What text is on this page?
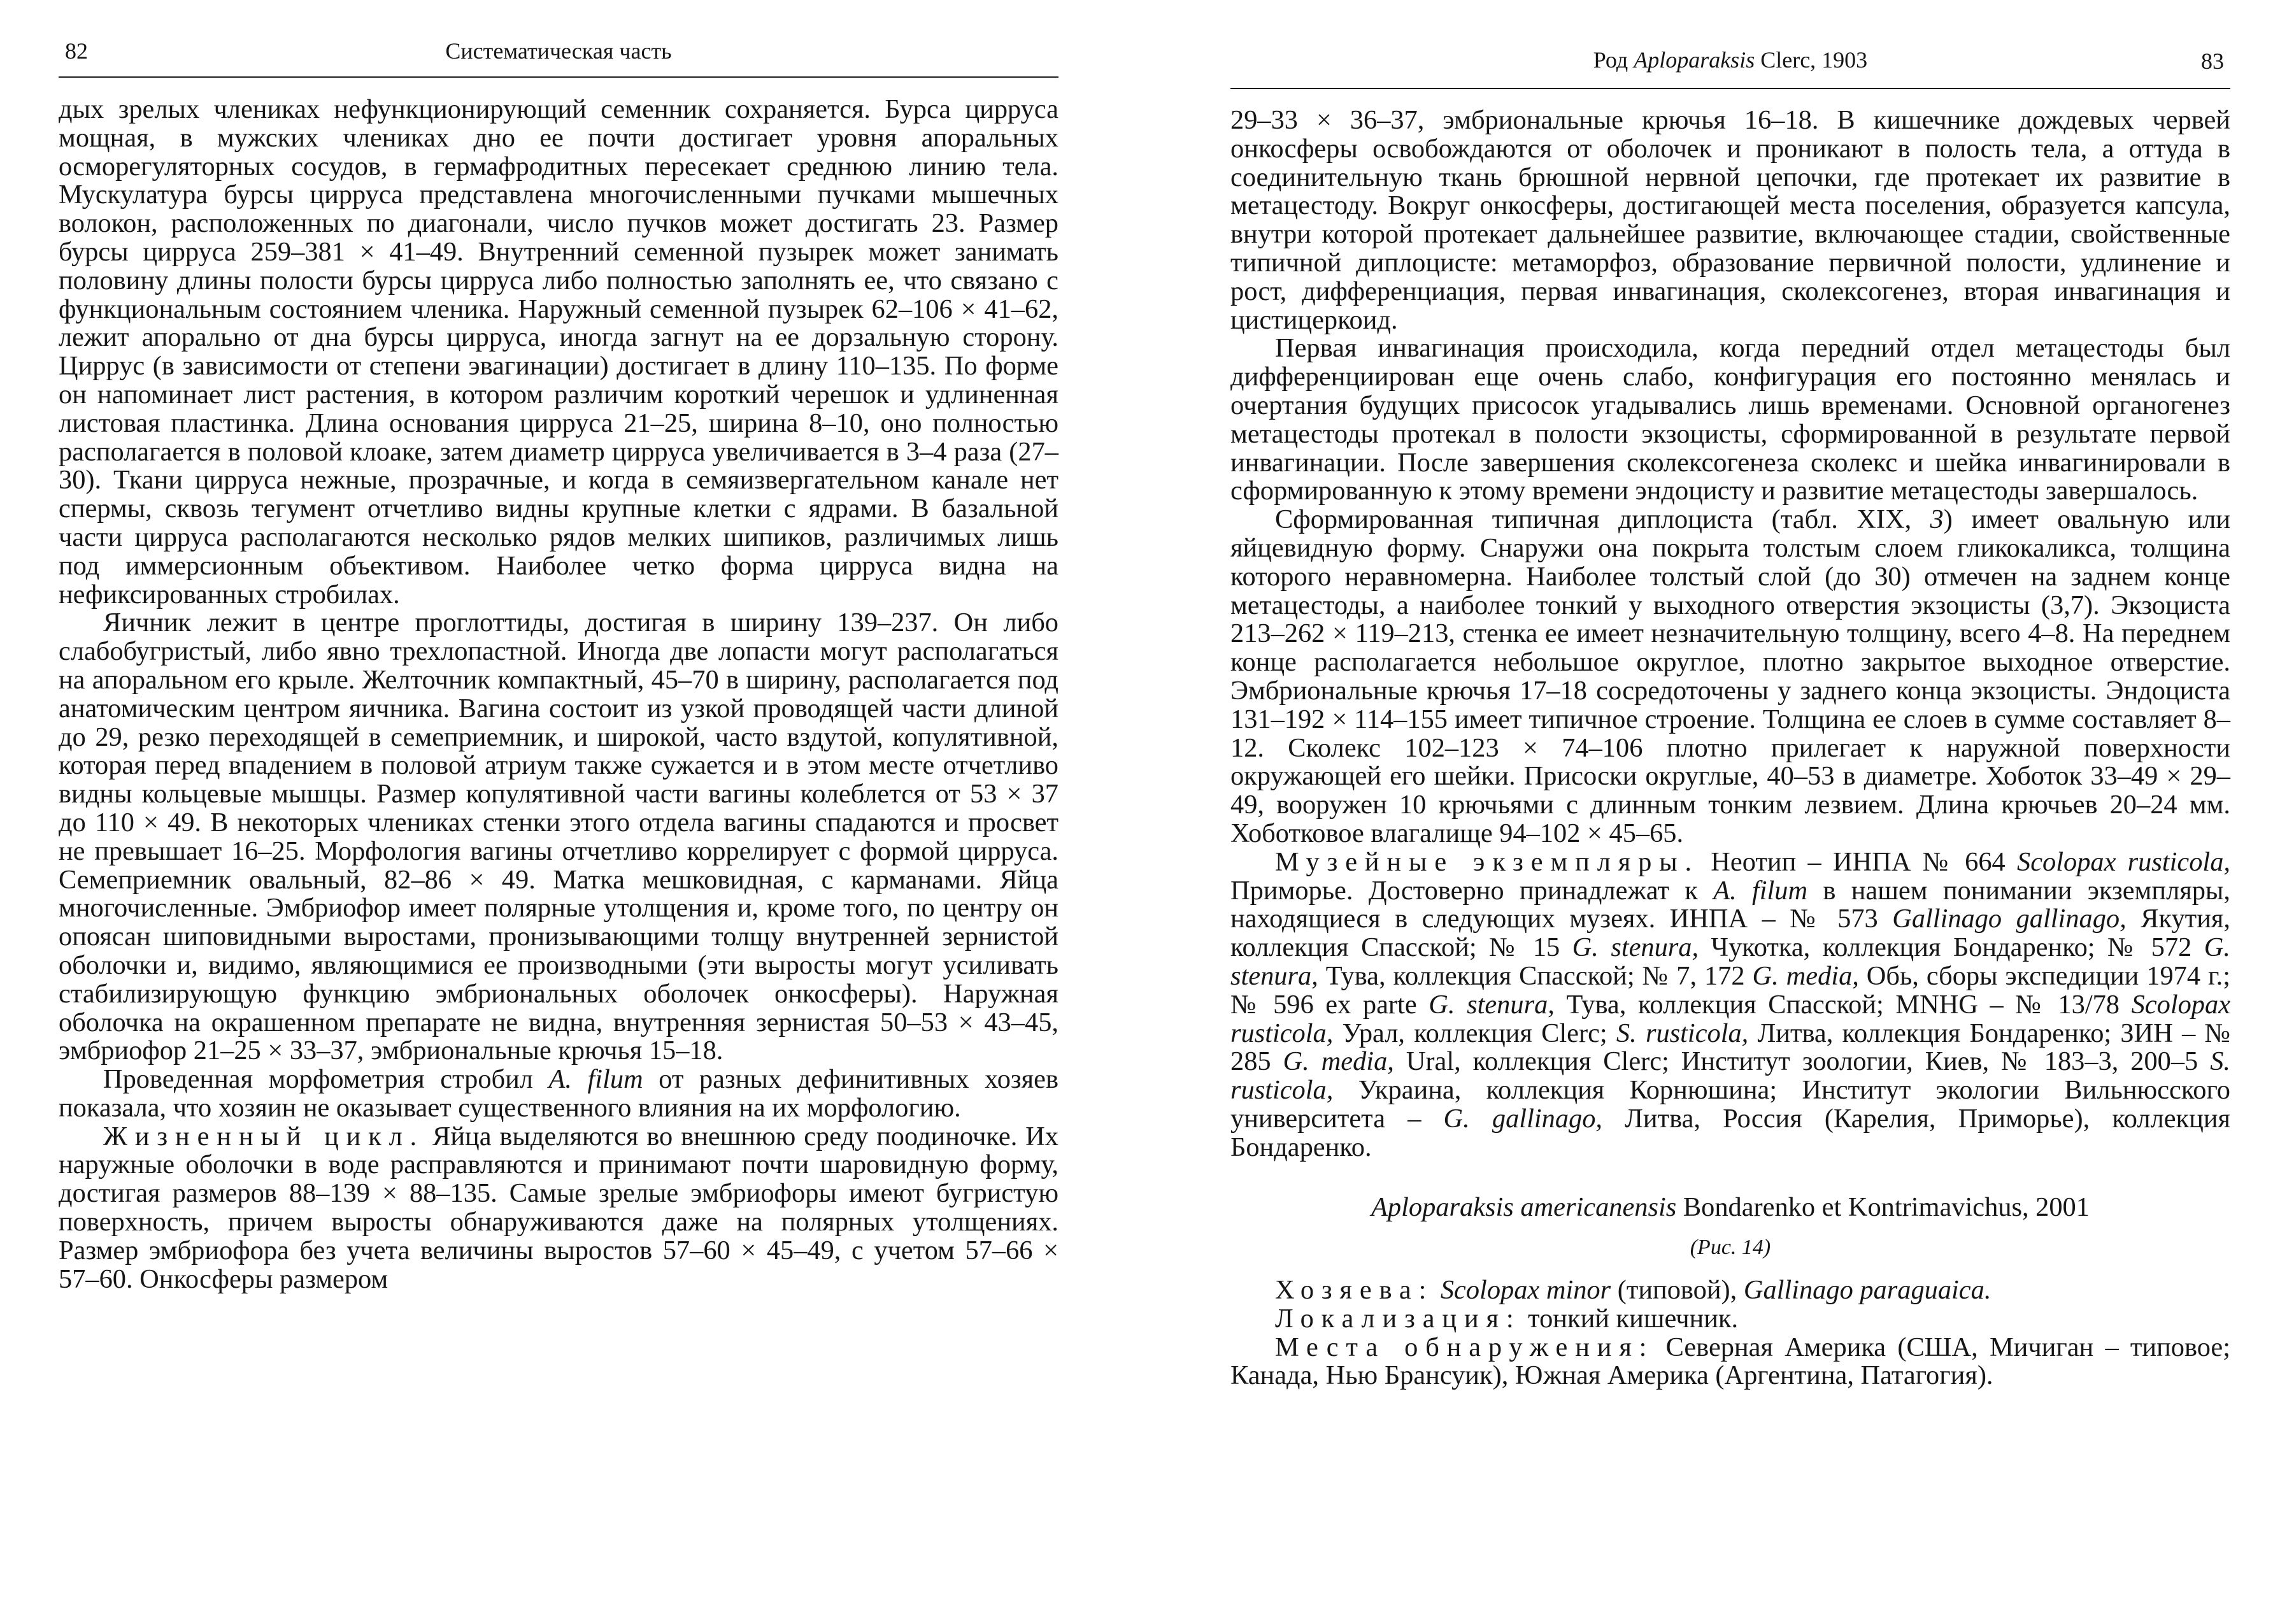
82	Систематическая часть

дых зрелых члениках нефункционирующий семенник сохраняется. Бурса цирруса мощная, в мужских члениках дно ее почти достигает уровня апоральных осморегуляторных сосудов, в гермафродитных пересекает среднюю линию тела. Мускулатура бурсы цирруса представлена многочисленными пучками мышечных волокон, расположенных по диагонали, число пучков может достигать 23. Размер бурсы цирруса 259–381 × 41–49. Внутренний семенной пузырек может занимать половину длины полости бурсы цирруса либо полностью заполнять ее, что связано с функциональным состоянием членика. Наружный семенной пузырек 62–106 × 41–62, лежит апорально от дна бурсы цирруса, иногда загнут на ее дорзальную сторону. Циррус (в зависимости от степени эвагинации) достигает в длину 110–135. По форме он напоминает лист растения, в котором различим короткий черешок и удлиненная листовая пластинка. Длина основания цирруса 21–25, ширина 8–10, оно полностью располагается в половой клоаке, затем диаметр цирруса увеличивается в 3–4 раза (27–30). Ткани цирруса нежные, прозрачные, и когда в семяизвергательном канале нет спермы, сквозь тегумент отчетливо видны крупные клетки с ядрами. В базальной части цирруса располагаются несколько рядов мелких шипиков, различимых лишь под иммерсионным объективом. Наиболее четко форма цирруса видна на нефиксированных стробилах.

Яичник лежит в центре проглоттиды, достигая в ширину 139–237. Он либо слабобугристый, либо явно трехлопастной. Иногда две лопасти могут располагаться на апоральном его крыле. Желточник компактный, 45–70 в ширину, располагается под анатомическим центром яичника. Вагина состоит из узкой проводящей части длиной до 29, резко переходящей в семеприемник, и широкой, часто вздутой, копулятивной, которая перед впадением в половой атриум также сужается и в этом месте отчетливо видны кольцевые мышцы. Размер копулятивной части вагины колеблется от 53 × 37 до 110 × 49. В некоторых члениках стенки этого отдела вагины спадаются и просвет не превышает 16–25. Морфология вагины отчетливо коррелирует с формой цирруса. Семеприемник овальный, 82–86 × 49. Матка мешковидная, с карманами. Яйца многочисленные. Эмбриофор имеет полярные утолщения и, кроме того, по центру он опоясан шиповидными выростами, пронизывающими толщу внутренней зернистой оболочки и, видимо, являющимися ее производными (эти выросты могут усиливать стабилизирующую функцию эмбриональных оболочек онкосферы). Наружная оболочка на окрашенном препарате не видна, внутренняя зернистая 50–53 × 43–45, эмбриофор 21–25 × 33–37, эмбриональные крючья 15–18.

Проведенная морфометрия стробил A. filum от разных дефинитивных хозяев показала, что хозяин не оказывает существенного влияния на их морфологию.

Жизненный цикл. Яйца выделяются во внешнюю среду поодиночке. Их наружные оболочки в воде расправляются и принимают почти шаровидную форму, достигая размеров 88–139 × 88–135. Самые зрелые эмбриофоры имеют бугристую поверхность, причем выросты обнаруживаются даже на полярных утолщениях. Размер эмбриофора без учета величины выростов 57–60 × 45–49, с учетом 57–66 × 57–60. Онкосферы размером

Род Aploparaksis Clerc, 1903	83

29–33 × 36–37, эмбриональные крючья 16–18. В кишечнике дождевых червей онкосферы освобождаются от оболочек и проникают в полость тела, а оттуда в соединительную ткань брюшной нервной цепочки, где протекает их развитие в метацестоду. Вокруг онкосферы, достигающей места поселения, образуется капсула, внутри которой протекает дальнейшее развитие, включающее стадии, свойственные типичной диплоцисте: метаморфоз, образование первичной полости, удлинение и рост, дифференциация, первая инвагинация, сколексогенез, вторая инвагинация и цистицеркоид.

Первая инвагинация происходила, когда передний отдел метацестоды был дифференциирован еще очень слабо, конфигурация его постоянно менялась и очертания будущих присосок угадывались лишь временами. Основной органогенез метацестоды протекал в полости экзоцисты, сформированной в результате первой инвагинации. После завершения сколексогенеза сколекс и шейка инвагинировали в сформированную к этому времени эндоцисту и развитие метацестоды завершалось.

Сформированная типичная диплоциста (табл. XIX, 3) имеет овальную или яйцевидную форму. Снаружи она покрыта толстым слоем гликокаликса, толщина которого неравномерна. Наиболее толстый слой (до 30) отмечен на заднем конце метацестоды, а наиболее тонкий у выходного отверстия экзоцисты (3,7). Экзоциста 213–262 × 119–213, стенка ее имеет незначительную толщину, всего 4–8. На переднем конце располагается небольшое округлое, плотно закрытое выходное отверстие. Эмбриональные крючья 17–18 сосредоточены у заднего конца экзоцисты. Эндоциста 131–192 × 114–155 имеет типичное строение. Толщина ее слоев в сумме составляет 8–12. Сколекс 102–123 × 74–106 плотно прилегает к наружной поверхности окружающей его шейки. Присоски округлые, 40–53 в диаметре. Хоботок 33–49 × 29–49, вооружен 10 крючьями с длинным тонким лезвием. Длина крючьев 20–24 мм. Хоботковое влагалище 94–102 × 45–65.

Музейные экземпляры. Неотип – ИНПА № 664 Scolopax rusticola, Приморье. Достоверно принадлежат к A. filum в нашем понимании экземпляры, находящиеся в следующих музеях. ИНПА – № 573 Gallinago gallinago, Якутия, коллекция Спасской; № 15 G. stenura, Чукотка, коллекция Бондаренко; № 572 G. stenura, Тува, коллекция Спасской; № 7, 172 G. media, Обь, сборы экспедиции 1974 г.; № 596 ex parte G. stenura, Тува, коллекция Спасской; MNHG – № 13/78 Scolopax rusticola, Урал, коллекция Clerc; S. rusticola, Литва, коллекция Бондаренко; ЗИН – № 285 G. media, Ural, коллекция Clerc; Институт зоологии, Киев, № 183–3, 200–5 S. rusticola, Украина, коллекция Корнюшина; Институт экологии Вильнюсского университета – G. gallinago, Литва, Россия (Карелия, Приморье), коллекция Бондаренко.

Aploparaksis americanensis Bondarenko et Kontrimavichus, 2001

(Рис. 14)

Хозяева: Scolopax minor (типовой), Gallinago paraguaica.

Локализация: тонкий кишечник.

Места обнаружения: Северная Америка (США, Мичиган – типовое; Канада, Нью Брансуик), Южная Америка (Аргентина, Патагогия).
